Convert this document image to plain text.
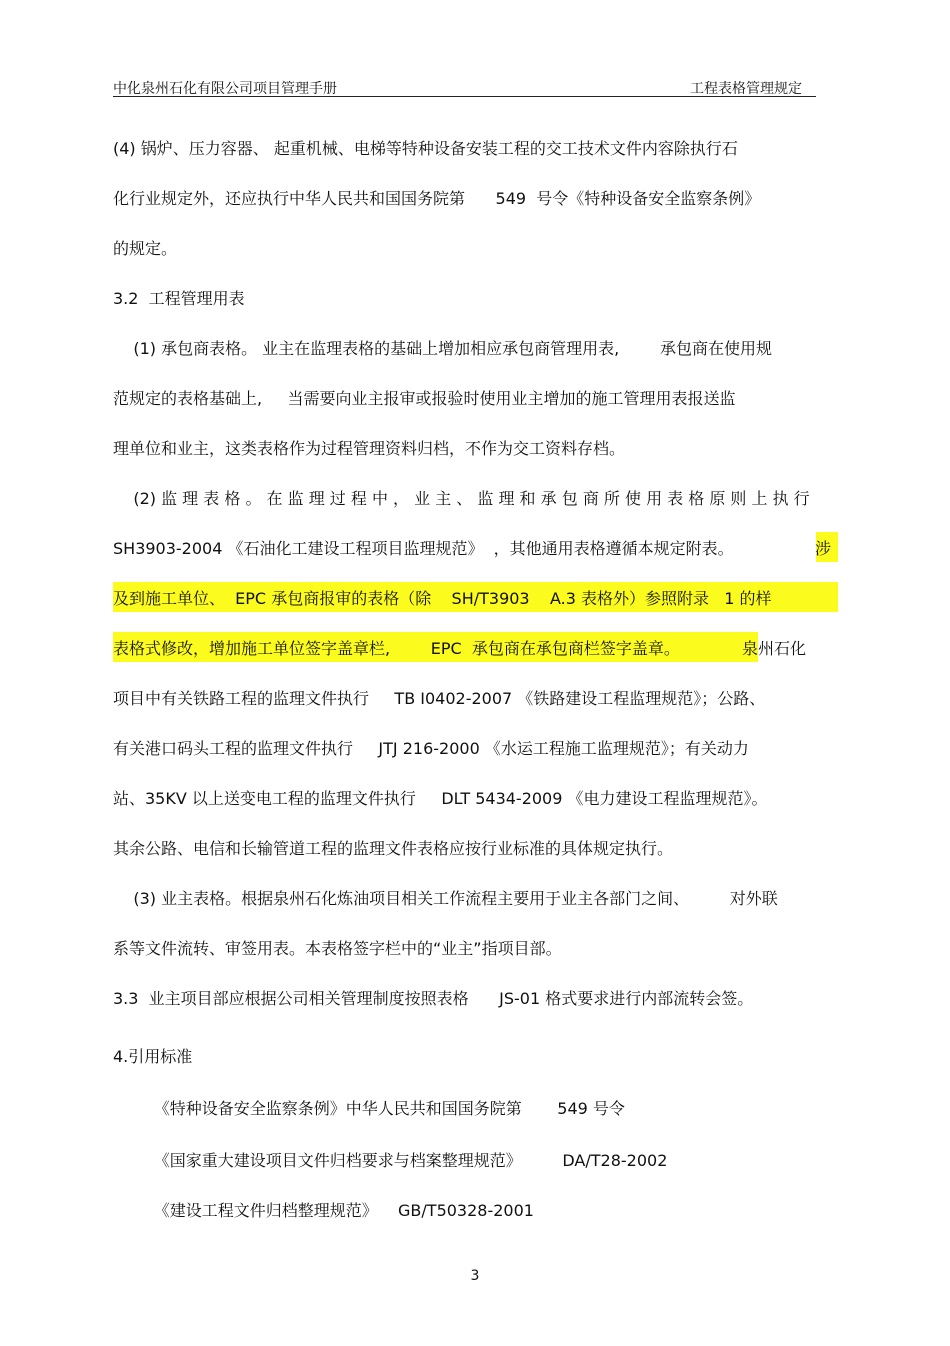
中化泉州石化有限公司项目管理手册	工程表格管理规定
(4) 锅炉、压力容器、 起重机械、电梯等特种设备安装工程的交工技术文件内容除执行石
化行业规定外，还应执行中华人民共和国国务院第      549  号令《特种设备安全监察条例》
的规定。
3.2  工程管理用表
(1) 承包商表格。 业主在监理表格的基础上增加相应承包商管理用表,        承包商在使用规
范规定的表格基础上,     当需要向业主报审或报验时使用业主增加的施工管理用表报送监
理单位和业主，这类表格作为过程管理资料归档，不作为交工资料存档。
(2) 监 理 表 格 。 在 监 理 过 程 中 ， 业 主 、 监 理 和 承 包 商 所 使 用 表 格 原 则 上 执 行
SH3903-2004 《石油化工建设工程项目监理规范》  ，其他通用表格遵循本规定附表。	涉
及到施工单位、  EPC 承包商报审的表格（除    SH/T3903    A.3 表格外）参照附录   1 的样
表格式修改，增加施工单位签字盖章栏,        EPC  承包商在承包商栏签字盖章。	泉州石化
项目中有关铁路工程的监理文件执行     TB I0402-2007 《铁路建设工程监理规范》；公路、
有关港口码头工程的监理文件执行     JTJ 216-2000 《水运工程施工监理规范》；有关动力
站、35KV 以上送变电工程的监理文件执行     DLT 5434-2009 《电力建设工程监理规范》。
其余公路、电信和长输管道工程的监理文件表格应按行业标准的具体规定执行。
(3) 业主表格。根据泉州石化炼油项目相关工作流程主要用于业主各部门之间、        对外联
系等文件流转、审签用表。本表格签字栏中的“业主”指项目部。
3.3  业主项目部应根据公司相关管理制度按照表格      JS-01 格式要求进行内部流转会签。
4.引用标准
《特种设备安全监察条例》中华人民共和国国务院第       549 号令
《国家重大建设项目文件归档要求与档案整理规范》        DA/T28-2002
《建设工程文件归档整理规范》    GB/T50328-2001
3
